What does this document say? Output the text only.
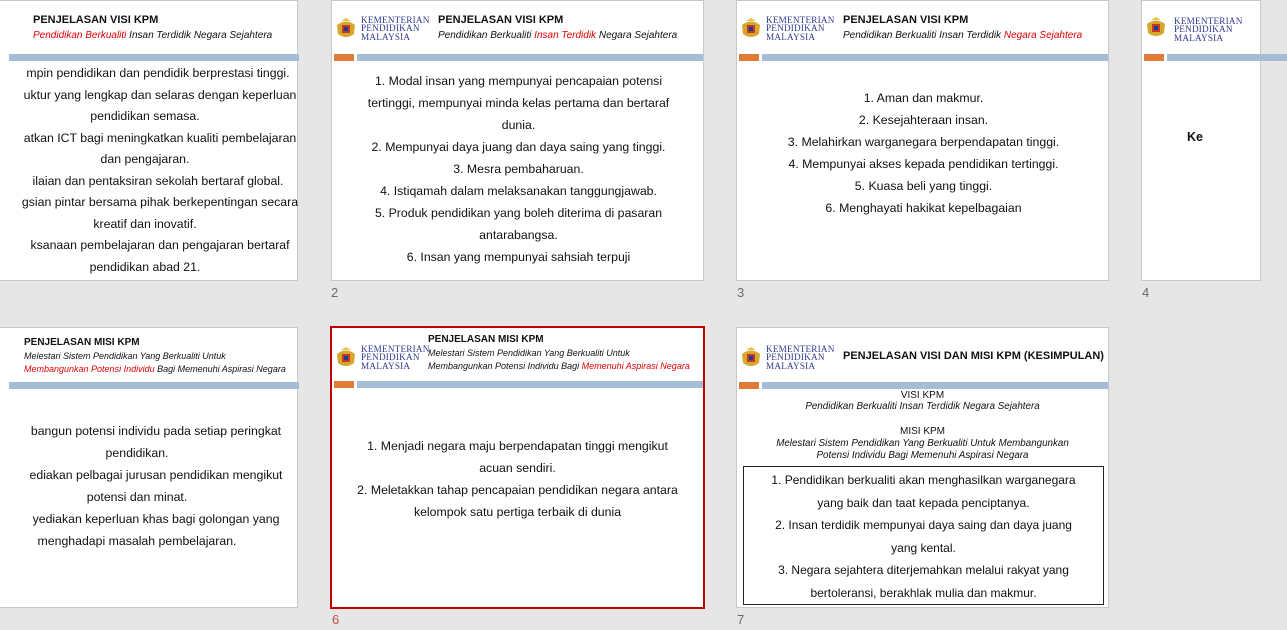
PENJELASAN VISI KPM
Pendidikan Berkualiti Insan Terdidik Negara Sejahtera
mpin pendidikan dan pendidik berprestasi tinggi.
uktur yang lengkap dan selaras dengan keperluan
pendidikan semasa.
atkan ICT bagi meningkatkan kualiti pembelajaran
dan pengajaran.
ilaian dan pentaksiran sekolah bertaraf global.
gsian pintar bersama pihak berkepentingan secara
kreatif dan inovatif.
ksanaan pembelajaran dan pengajaran bertaraf
pendidikan abad 21.
KEMENTERIAN
PENDIDIKAN
MALAYSIA
PENJELASAN VISI KPM
Pendidikan Berkualiti Insan Terdidik Negara Sejahtera
1. Modal insan yang mempunyai pencapaian potensi
tertinggi, mempunyai minda kelas pertama dan bertaraf
dunia.
2. Mempunyai daya juang dan daya saing yang tinggi.
3. Mesra pembaharuan.
4. Istiqamah dalam melaksanakan tanggungjawab.
5. Produk pendidikan yang boleh diterima di pasaran
antarabangsa.
6. Insan yang mempunyai sahsiah terpuji
2
KEMENTERIAN
PENDIDIKAN
MALAYSIA
PENJELASAN VISI KPM
Pendidikan Berkualiti Insan Terdidik Negara Sejahtera
1. Aman dan makmur.
2. Kesejahteraan insan.
3. Melahirkan warganegara berpendapatan tinggi.
4. Mempunyai akses kepada pendidikan tertinggi.
5. Kuasa beli yang tinggi.
6. Menghayati hakikat kepelbagaian
3
KEMENTERIAN
PENDIDIKAN
MALAYSIA
Ke
4
PENJELASAN MISI KPM
Melestari Sistem Pendidikan Yang Berkualiti Untuk
Membangunkan Potensi Individu Bagi Memenuhi Aspirasi Negara
bangun potensi individu pada setiap peringkat
pendidikan.
ediakan pelbagai jurusan pendidikan mengikut
potensi dan minat.
yediakan keperluan khas bagi golongan yang
menghadapi masalah pembelajaran.
KEMENTERIAN
PENDIDIKAN
MALAYSIA
PENJELASAN MISI KPM
Melestari Sistem Pendidikan Yang Berkualiti Untuk
Membangunkan Potensi Individu Bagi Memenuhi Aspirasi Negara
1. Menjadi negara maju berpendapatan tinggi mengikut
acuan sendiri.
2. Meletakkan tahap pencapaian pendidikan negara antara
kelompok satu pertiga terbaik di dunia
6
KEMENTERIAN
PENDIDIKAN
MALAYSIA
PENJELASAN VISI DAN MISI KPM (KESIMPULAN)
VISI KPM
Pendidikan Berkualiti Insan Terdidik Negara Sejahtera
MISI KPM
Melestari Sistem Pendidikan Yang Berkualiti Untuk Membangunkan
Potensi Individu Bagi Memenuhi Aspirasi Negara
1. Pendidikan berkualiti akan menghasilkan warganegara
yang baik dan taat kepada penciptanya.
2. Insan terdidik mempunyai daya saing dan daya juang
yang kental.
3. Negara sejahtera diterjemahkan melalui rakyat yang
bertoleransi, berakhlak mulia dan makmur.
7
